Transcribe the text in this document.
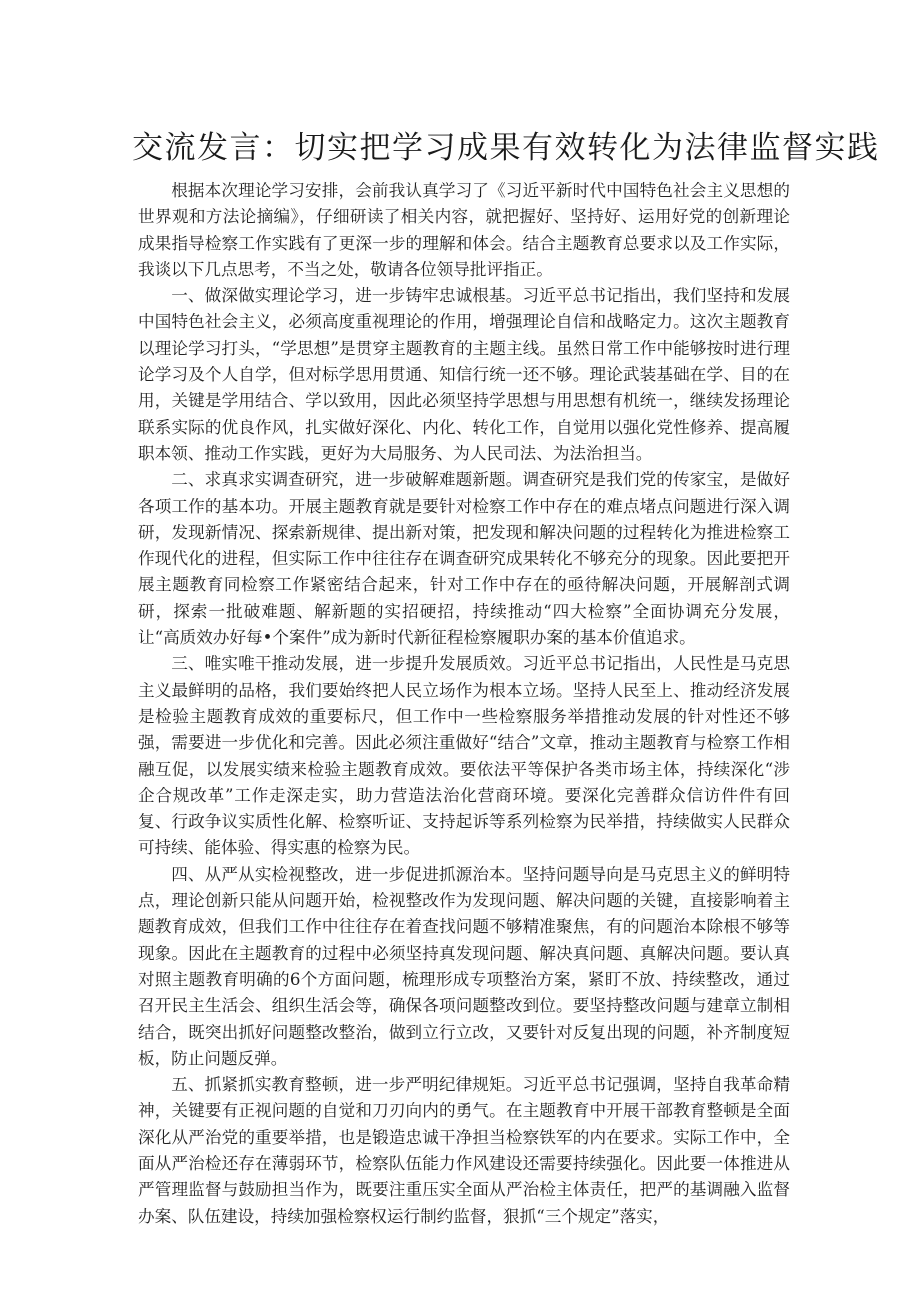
交流发言：切实把学习成果有效转化为法律监督实践

根据本次理论学习安排，会前我认真学习了《习近平新时代中国特色社会主义思想的世界观和方法论摘编》，仔细研读了相关内容，就把握好、坚持好、运用好党的创新理论成果指导检察工作实践有了更深一步的理解和体会。结合主题教育总要求以及工作实际，我谈以下几点思考，不当之处，敬请各位领导批评指正。

一、做深做实理论学习，进一步铸牢忠诚根基。习近平总书记指出，我们坚持和发展中国特色社会主义，必须高度重视理论的作用，增强理论自信和战略定力。这次主题教育以理论学习打头，“学思想”是贯穿主题教育的主题主线。虽然日常工作中能够按时进行理论学习及个人自学，但对标学思用贯通、知信行统一还不够。理论武装基础在学、目的在用，关键是学用结合、学以致用，因此必须坚持学思想与用思想有机统一，继续发扬理论联系实际的优良作风，扎实做好深化、内化、转化工作，自觉用以强化党性修养、提高履职本领、推动工作实践，更好为大局服务、为人民司法、为法治担当。

二、求真求实调查研究，进一步破解难题新题。调查研究是我们党的传家宝，是做好各项工作的基本功。开展主题教育就是要针对检察工作中存在的难点堵点问题进行深入调研，发现新情况、探索新规律、提出新对策，把发现和解决问题的过程转化为推进检察工作现代化的进程，但实际工作中往往存在调查研究成果转化不够充分的现象。因此要把开展主题教育同检察工作紧密结合起来，针对工作中存在的亟待解决问题，开展解剖式调研，探索一批破难题、解新题的实招硬招，持续推动“四大检察”全面协调充分发展，让“高质效办好每•个案件”成为新时代新征程检察履职办案的基本价值追求。

三、唯实唯干推动发展，进一步提升发展质效。习近平总书记指出，人民性是马克思主义最鲜明的品格，我们要始终把人民立场作为根本立场。坚持人民至上、推动经济发展是检验主题教育成效的重要标尺，但工作中一些检察服务举措推动发展的针对性还不够强，需要进一步优化和完善。因此必须注重做好“结合”文章，推动主题教育与检察工作相融互促，以发展实绩来检验主题教育成效。要依法平等保护各类市场主体，持续深化“涉企合规改革”工作走深走实，助力营造法治化营商环境。要深化完善群众信访件件有回复、行政争议实质性化解、检察听证、支持起诉等系列检察为民举措，持续做实人民群众可持续、能体验、得实惠的检察为民。

四、从严从实检视整改，进一步促进抓源治本。坚持问题导向是马克思主义的鲜明特点，理论创新只能从问题开始，检视整改作为发现问题、解决问题的关键，直接影响着主题教育成效，但我们工作中往往存在着查找问题不够精准聚焦，有的问题治本除根不够等现象。因此在主题教育的过程中必须坚持真发现问题、解决真问题、真解决问题。要认真对照主题教育明确的6个方面问题，梳理形成专项整治方案，紧盯不放、持续整改，通过召开民主生活会、组织生活会等，确保各项问题整改到位。要坚持整改问题与建章立制相结合，既突出抓好问题整改整治，做到立行立改，又要针对反复出现的问题，补齐制度短板，防止问题反弹。

五、抓紧抓实教育整顿，进一步严明纪律规矩。习近平总书记强调，坚持自我革命精神，关键要有正视问题的自觉和刀刃向内的勇气。在主题教育中开展干部教育整顿是全面深化从严治党的重要举措，也是锻造忠诚干净担当检察铁军的内在要求。实际工作中，全面从严治检还存在薄弱环节，检察队伍能力作风建设还需要持续强化。因此要一体推进从严管理监督与鼓励担当作为，既要注重压实全面从严治检主体责任，把严的基调融入监督办案、队伍建设，持续加强检察权运行制约监督，狠抓“三个规定”落实，
